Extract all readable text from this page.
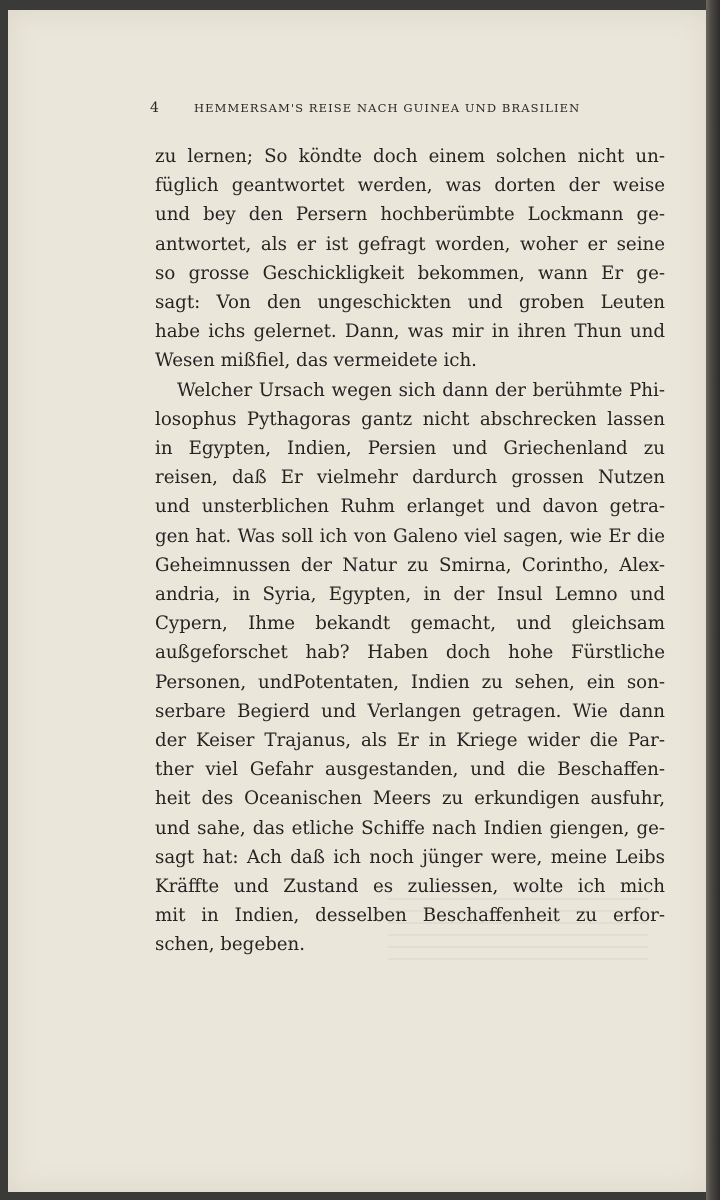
4	HEMMERSAM'S REISE NACH GUINEA UND BRASILIEN
zu lernen; So köndte doch einem solchen nicht un-
füglich geantwortet werden, was dorten der weise
und bey den Persern hochberümbte Lockmann ge-
antwortet, als er ist gefragt worden, woher er seine
so grosse Geschickligkeit bekommen, wann Er ge-
sagt: Von den ungeschickten und groben Leuten
habe ichs gelernet. Dann, was mir in ihren Thun und
Wesen mißfiel, das vermeidete ich.
Welcher Ursach wegen sich dann der berühmte Phi-
losophus Pythagoras gantz nicht abschrecken lassen
in Egypten, Indien, Persien und Griechenland zu
reisen, daß Er vielmehr dardurch grossen Nutzen
und unsterblichen Ruhm erlanget und davon getra-
gen hat. Was soll ich von Galeno viel sagen, wie Er die
Geheimnussen der Natur zu Smirna, Corintho, Alex-
andria, in Syria, Egypten, in der Insul Lemno und
Cypern, Ihme bekandt gemacht, und gleichsam
außgeforschet hab? Haben doch hohe Fürstliche
Personen, undPotentaten, Indien zu sehen, ein son-
serbare Begierd und Verlangen getragen. Wie dann
der Keiser Trajanus, als Er in Kriege wider die Par-
ther viel Gefahr ausgestanden, und die Beschaffen-
heit des Oceanischen Meers zu erkundigen ausfuhr,
und sahe, das etliche Schiffe nach Indien giengen, ge-
sagt hat: Ach daß ich noch jünger were, meine Leibs
Kräffte und Zustand es zuliessen, wolte ich mich
mit in Indien, desselben Beschaffenheit zu erfor-
schen, begeben.
